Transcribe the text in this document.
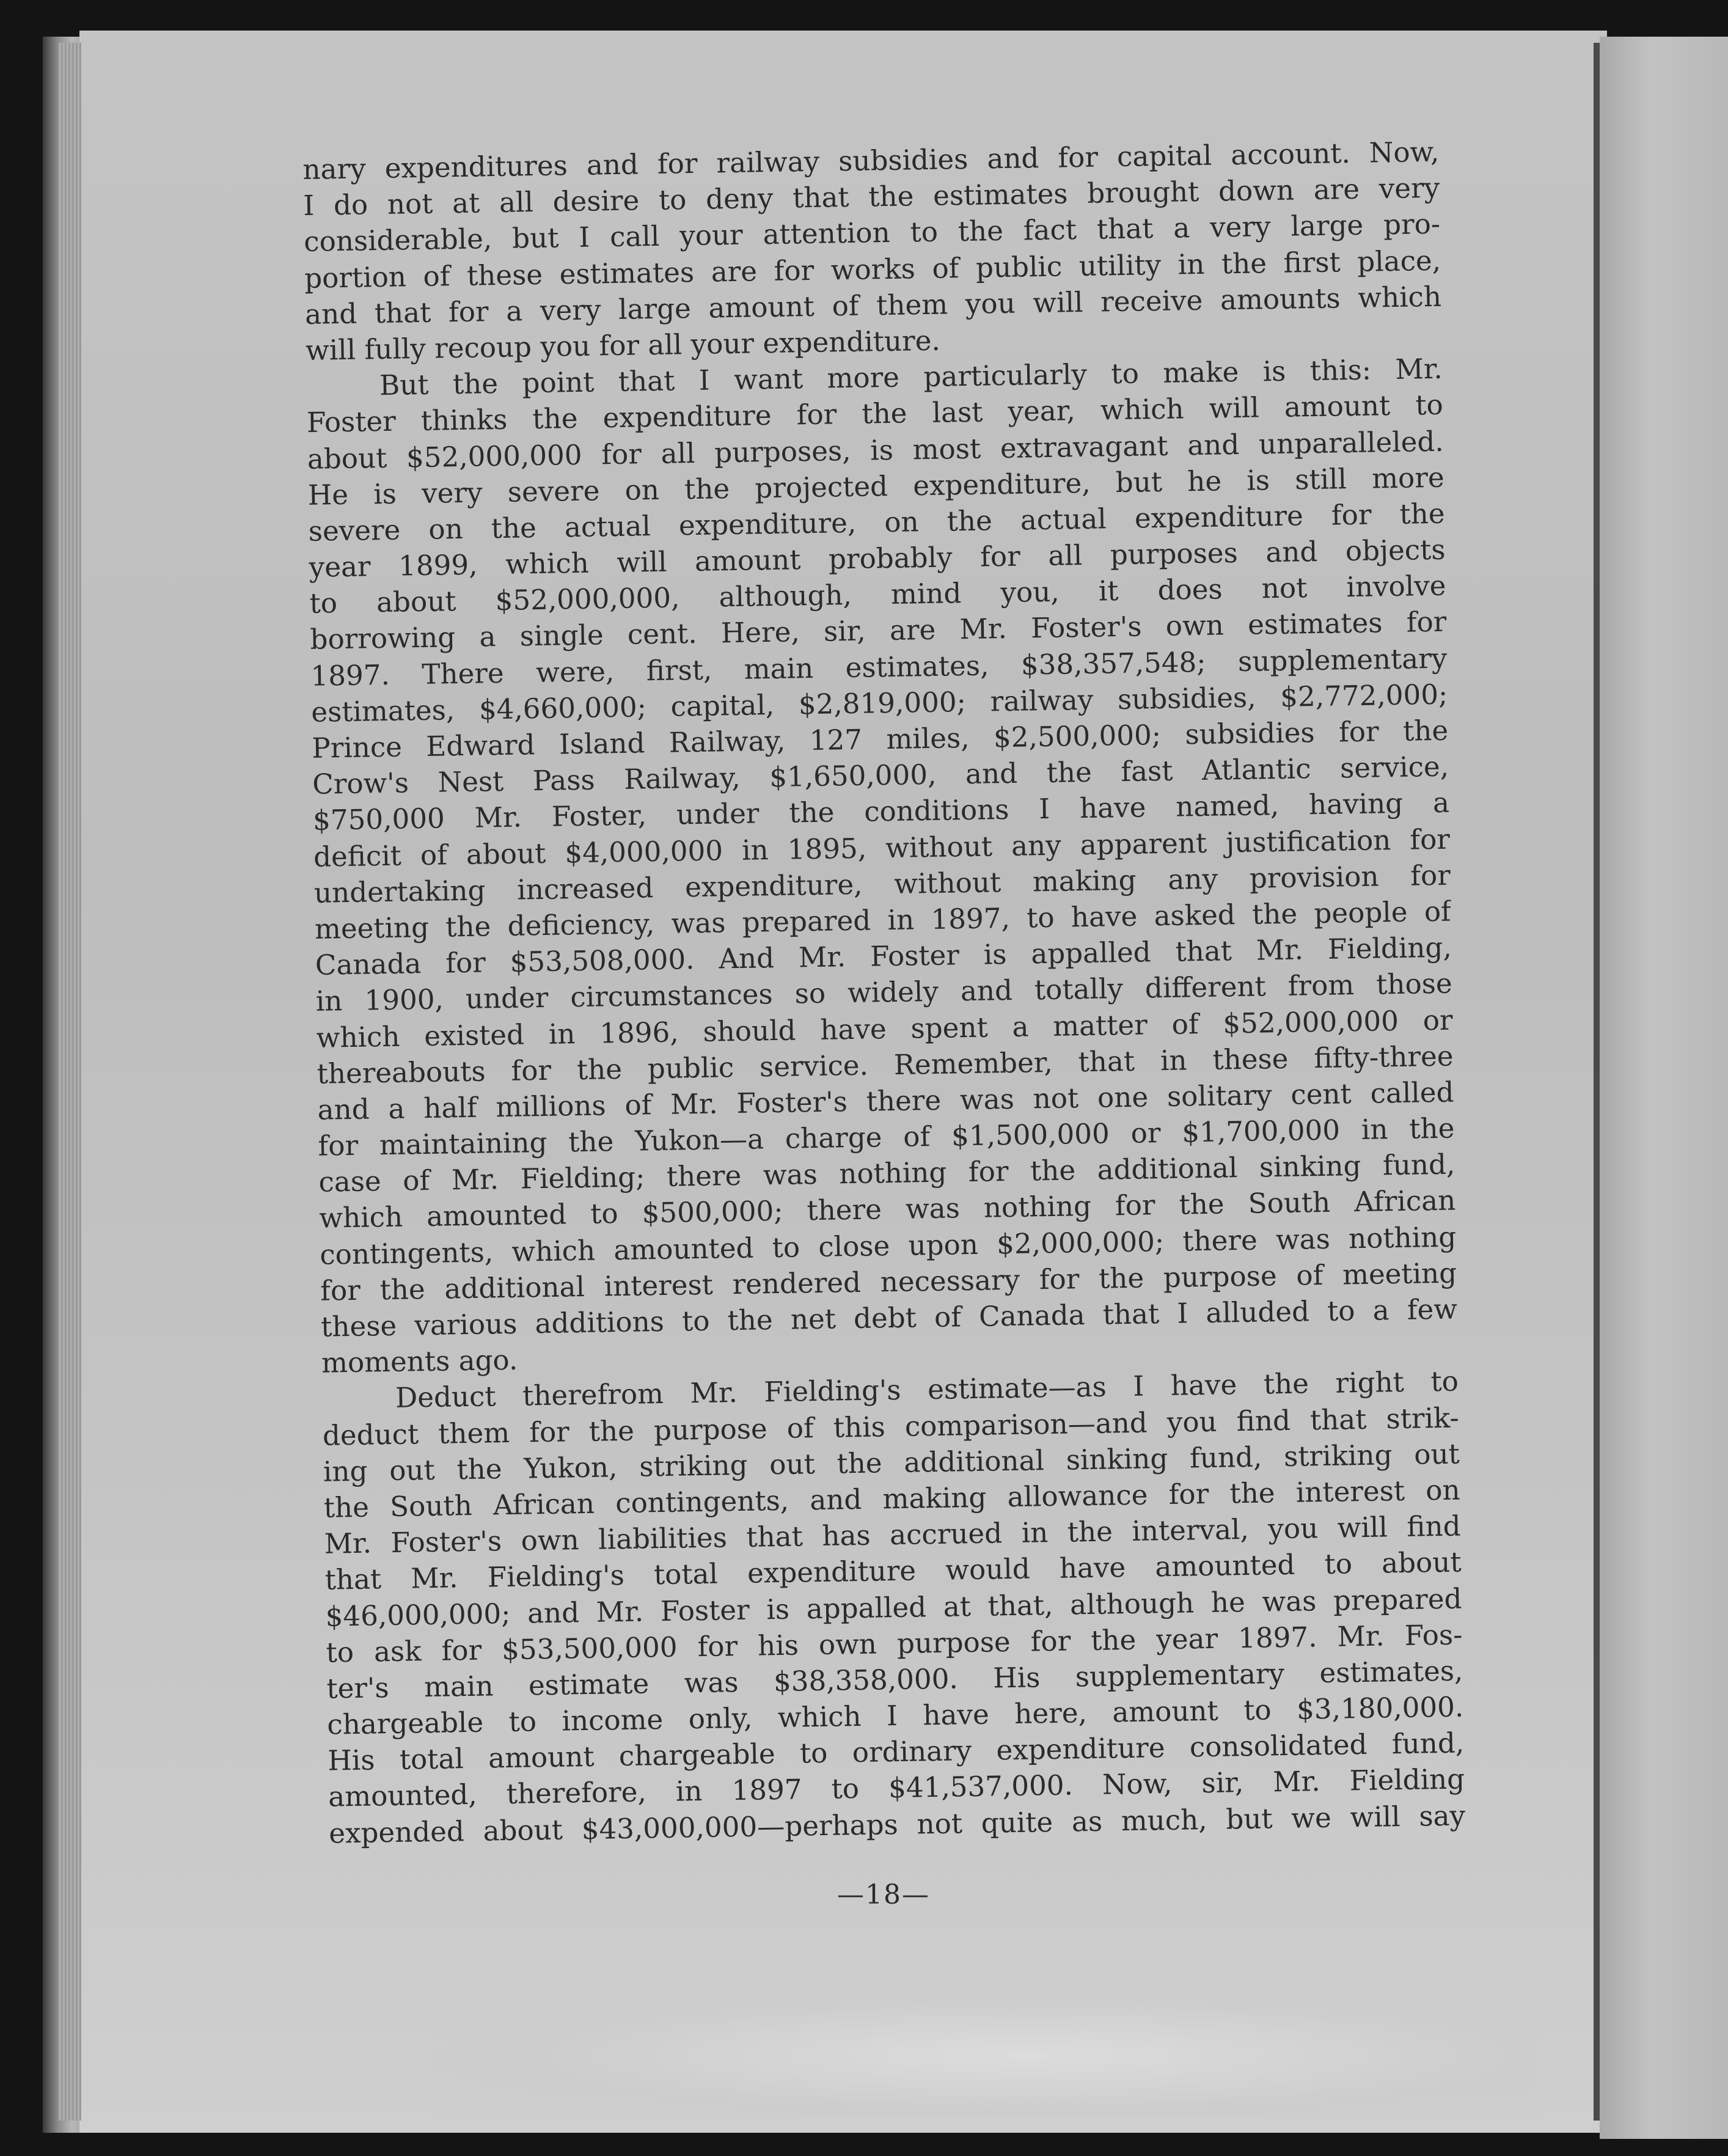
nary expenditures and for railway subsidies and for capital account. Now,
I do not at all desire to deny that the estimates brought down are very
considerable, but I call your attention to the fact that a very large pro-
portion of these estimates are for works of public utility in the first place,
and that for a very large amount of them you will receive amounts which
will fully recoup you for all your expenditure.
But the point that I want more particularly to make is this: Mr.
Foster thinks the expenditure for the last year, which will amount to
about $52,000,000 for all purposes, is most extravagant and unparalleled.
He is very severe on the projected expenditure, but he is still more
severe on the actual expenditure, on the actual expenditure for the
year 1899, which will amount probably for all purposes and objects
to about $52,000,000, although, mind you, it does not involve
borrowing a single cent. Here, sir, are Mr. Foster's own estimates for
1897. There were, first, main estimates, $38,357,548; supplementary
estimates, $4,660,000; capital, $2,819,000; railway subsidies, $2,772,000;
Prince Edward Island Railway, 127 miles, $2,500,000; subsidies for the
Crow's Nest Pass Railway, $1,650,000, and the fast Atlantic service,
$750,000 Mr. Foster, under the conditions I have named, having a
deficit of about $4,000,000 in 1895, without any apparent justification for
undertaking increased expenditure, without making any provision for
meeting the deficiency, was prepared in 1897, to have asked the people of
Canada for $53,508,000. And Mr. Foster is appalled that Mr. Fielding,
in 1900, under circumstances so widely and totally different from those
which existed in 1896, should have spent a matter of $52,000,000 or
thereabouts for the public service. Remember, that in these fifty-three
and a half millions of Mr. Foster's there was not one solitary cent called
for maintaining the Yukon—a charge of $1,500,000 or $1,700,000 in the
case of Mr. Fielding; there was nothing for the additional sinking fund,
which amounted to $500,000; there was nothing for the South African
contingents, which amounted to close upon $2,000,000; there was nothing
for the additional interest rendered necessary for the purpose of meeting
these various additions to the net debt of Canada that I alluded to a few
moments ago.
Deduct therefrom Mr. Fielding's estimate—as I have the right to
deduct them for the purpose of this comparison—and you find that strik-
ing out the Yukon, striking out the additional sinking fund, striking out
the South African contingents, and making allowance for the interest on
Mr. Foster's own liabilities that has accrued in the interval, you will find
that Mr. Fielding's total expenditure would have amounted to about
$46,000,000; and Mr. Foster is appalled at that, although he was prepared
to ask for $53,500,000 for his own purpose for the year 1897. Mr. Fos-
ter's main estimate was $38,358,000. His supplementary estimates,
chargeable to income only, which I have here, amount to $3,180,000.
His total amount chargeable to ordinary expenditure consolidated fund,
amounted, therefore, in 1897 to $41,537,000. Now, sir, Mr. Fielding
expended about $43,000,000—perhaps not quite as much, but we will say
—18—
